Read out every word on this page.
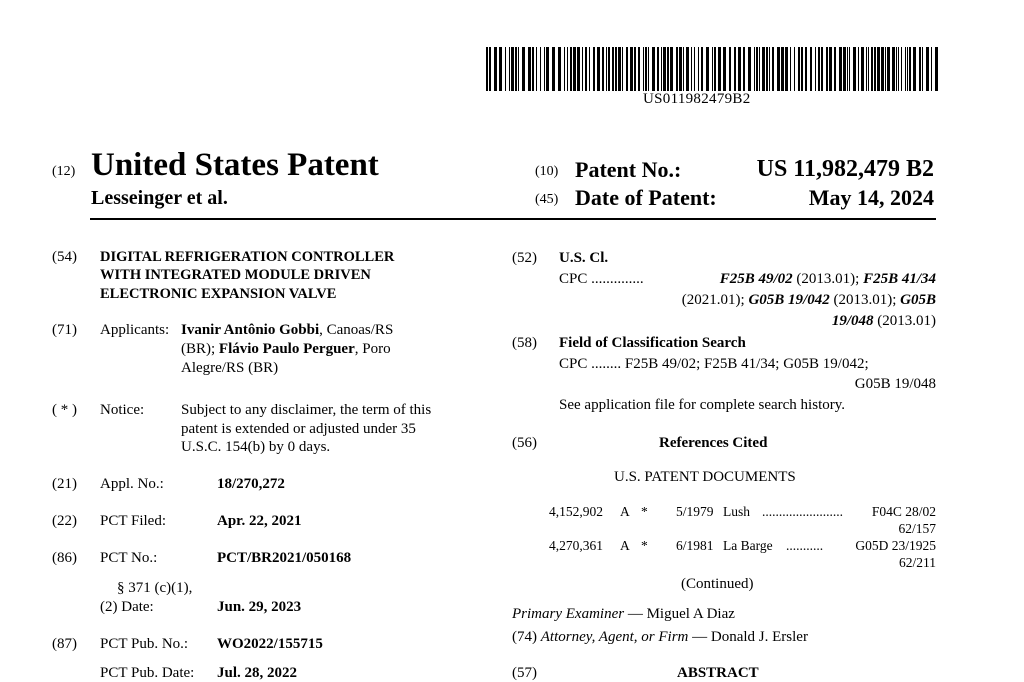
US011982479B2
(12) United States Patent
Lesseinger et al.
(10) Patent No.:	US 11,982,479 B2
(45) Date of Patent:	May 14, 2024
(54) DIGITAL REFRIGERATION CONTROLLER
WITH INTEGRATED MODULE DRIVEN
ELECTRONIC EXPANSION VALVE
(71) Applicants: Ivanir Antônio Gobbi, Canoas/RS
(BR); Flávio Paulo Perguer, Poro
Alegre/RS (BR)
( * ) Notice: Subject to any disclaimer, the term of this
patent is extended or adjusted under 35
U.S.C. 154(b) by 0 days.
(21) Appl. No.:	18/270,272
(22) PCT Filed:	Apr. 22, 2021
(86) PCT No.:	PCT/BR2021/050168
§ 371 (c)(1),
(2) Date:	Jun. 29, 2023
(87) PCT Pub. No.: WO2022/155715
PCT Pub. Date: Jul. 28, 2022
(52) U.S. Cl.
CPC ..............	F25B 49/02 (2013.01); F25B 41/34
(2021.01); G05B 19/042 (2013.01); G05B
19/048 (2013.01)
(58) Field of Classification Search
CPC ........ F25B 49/02; F25B 41/34; G05B 19/042;
G05B 19/048
See application file for complete search history.
(56)	References Cited
U.S. PATENT DOCUMENTS
4,152,902 A * 5/1979 Lush ........................	F04C 28/02
62/157
4,270,361 A * 6/1981 La Barge ...........	G05D 23/1925
62/211
(Continued)
Primary Examiner — Miguel A Diaz
(74) Attorney, Agent, or Firm — Donald J. Ersler
(57)	ABSTRACT
